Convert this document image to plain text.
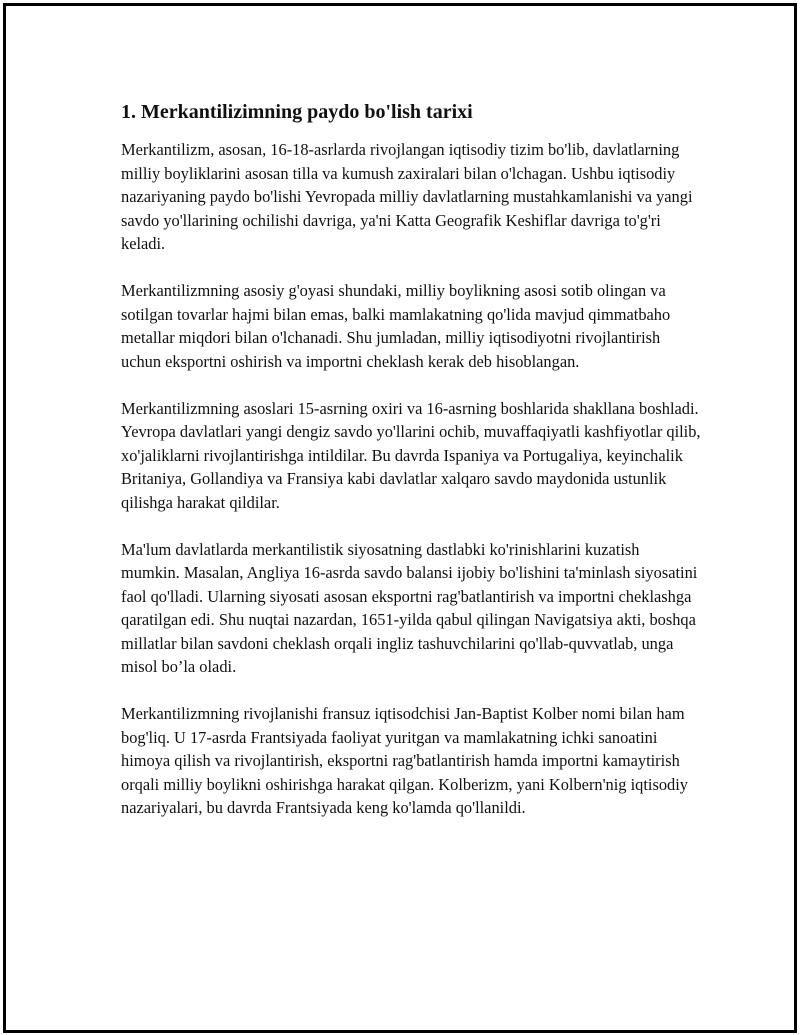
1. Merkantilizimning paydo bo'lish tarixi

Merkantilizm, asosan, 16-18-asrlarda rivojlangan iqtisodiy tizim bo'lib, davlatlarning milliy boyliklarini asosan tilla va kumush zaxiralari bilan o'lchagan. Ushbu iqtisodiy nazariyaning paydo bo'lishi Yevropada milliy davlatlarning mustahkamlanishi va yangi savdo yo'llarining ochilishi davriga, ya'ni Katta Geografik Keshiflar davriga to'g'ri keladi.

Merkantilizmning asosiy g'oyasi shundaki, milliy boylikning asosi sotib olingan va sotilgan tovarlar hajmi bilan emas, balki mamlakatning qo'lida mavjud qimmatbaho metallar miqdori bilan o'lchanadi. Shu jumladan, milliy iqtisodiyotni rivojlantirish uchun eksportni oshirish va importni cheklash kerak deb hisoblangan.

Merkantilizmning asoslari 15-asrning oxiri va 16-asrning boshlarida shakllana boshladi. Yevropa davlatlari yangi dengiz savdo yo'llarini ochib, muvaffaqiyatli kashfiyotlar qilib, xo'jaliklarni rivojlantirishga intildilar. Bu davrda Ispaniya va Portugaliya, keyinchalik Britaniya, Gollandiya va Fransiya kabi davlatlar xalqaro savdo maydonida ustunlik qilishga harakat qildilar.

Ma'lum davlatlarda merkantilistik siyosatning dastlabki ko'rinishlarini kuzatish mumkin. Masalan, Angliya 16-asrda savdo balansi ijobiy bo'lishini ta'minlash siyosatini faol qo'lladi. Ularning siyosati asosan eksportni rag'batlantirish va importni cheklashga qaratilgan edi. Shu nuqtai nazardan, 1651-yilda qabul qilingan Navigatsiya akti, boshqa millatlar bilan savdoni cheklash orqali ingliz tashuvchilarini qo'llab-quvvatlab, unga misol bo’la oladi.

Merkantilizmning rivojlanishi fransuz iqtisodchisi Jan-Baptist Kolber nomi bilan ham bog'liq. U 17-asrda Frantsiyada faoliyat yuritgan va mamlakatning ichki sanoatini himoya qilish va rivojlantirish, eksportni rag'batlantirish hamda importni kamaytirish orqali milliy boylikni oshirishga harakat qilgan. Kolberizm, yani Kolbern'nig iqtisodiy nazariyalari, bu davrda Frantsiyada keng ko'lamda qo'llanildi.
